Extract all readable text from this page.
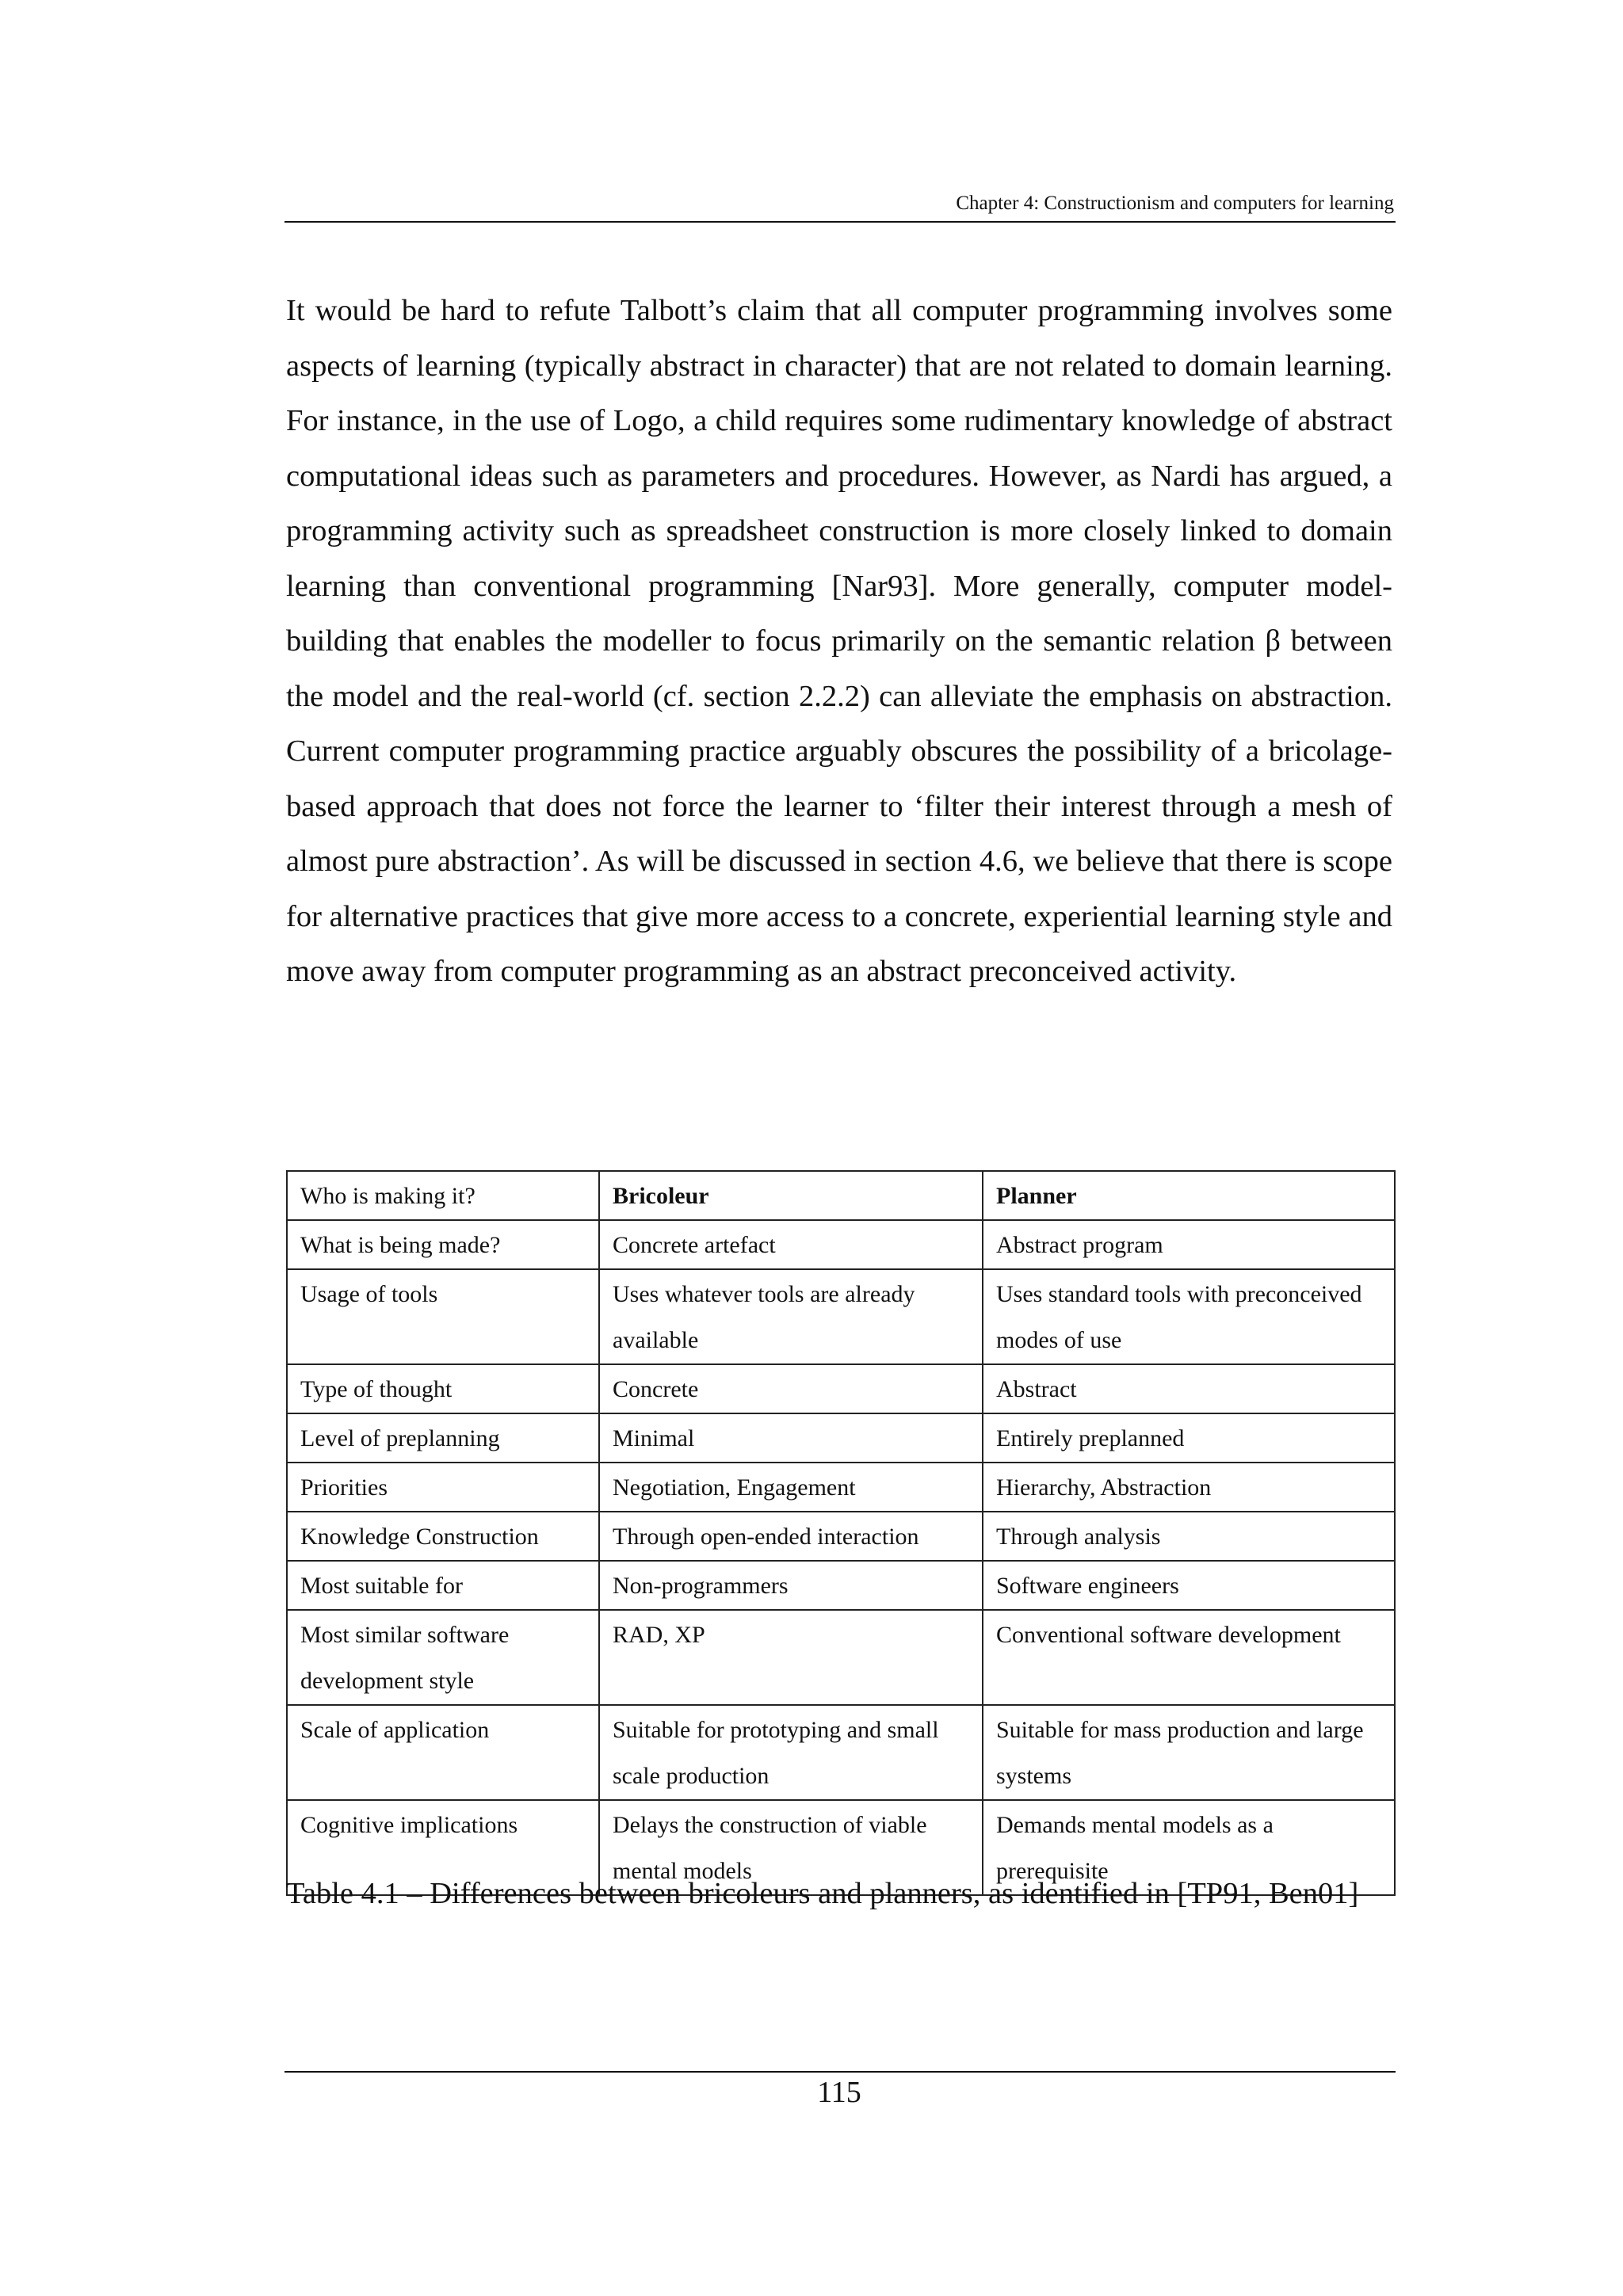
Chapter 4: Constructionism and computers for learning

It would be hard to refute Talbott’s claim that all computer programming involves some aspects of learning (typically abstract in character) that are not related to domain learning. For instance, in the use of Logo, a child requires some rudimentary knowledge of abstract computational ideas such as parameters and procedures. However, as Nardi has argued, a programming activity such as spreadsheet construction is more closely linked to domain learning than conventional programming [Nar93]. More generally, computer model-building that enables the modeller to focus primarily on the semantic relation β between the model and the real-world (cf. section 2.2.2) can alleviate the emphasis on abstraction. Current computer programming practice arguably obscures the possibility of a bricolage-based approach that does not force the learner to ‘filter their interest through a mesh of almost pure abstraction’. As will be discussed in section 4.6, we believe that there is scope for alternative practices that give more access to a concrete, experiential learning style and move away from computer programming as an abstract preconceived activity.

Who is making it?	Bricoleur	Planner
What is being made?	Concrete artefact	Abstract program
Usage of tools	Uses whatever tools are already available	Uses standard tools with preconceived modes of use
Type of thought	Concrete	Abstract
Level of preplanning	Minimal	Entirely preplanned
Priorities	Negotiation, Engagement	Hierarchy, Abstraction
Knowledge Construction	Through open-ended interaction	Through analysis
Most suitable for	Non-programmers	Software engineers
Most similar software development style	RAD, XP	Conventional software development
Scale of application	Suitable for prototyping and small scale production	Suitable for mass production and large systems
Cognitive implications	Delays the construction of viable mental models	Demands mental models as a prerequisite

Table 4.1 – Differences between bricoleurs and planners, as identified in [TP91, Ben01]

115
